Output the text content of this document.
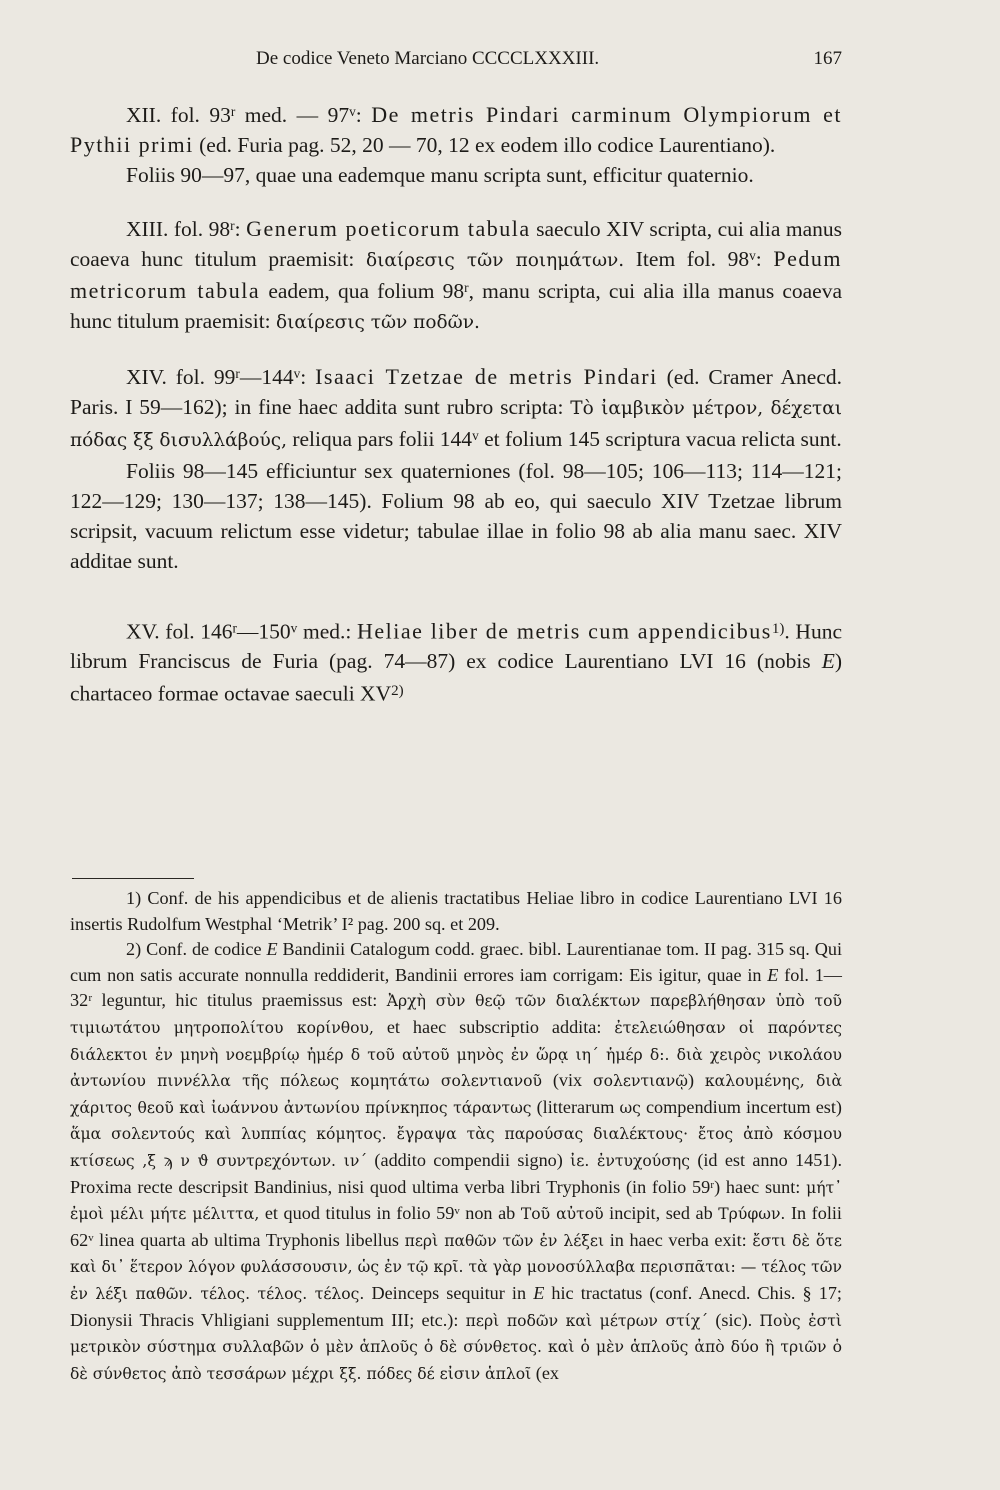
De codice Veneto Marciano CCCCLXXXIII.	167

XII. fol. 93$^r$ med. — 97$^v$: De metris Pindari carminum Olympiorum et Pythii primi (ed. Furia pag. 52, 20 — 70, 12 ex eodem illo codice Laurentiano).

Foliis 90—97, quae una eademque manu scripta sunt, efficitur quaternio.

XIII. fol. 98$^r$: Generum poeticorum tabula saeculo XIV scripta, cui alia manus coaeva hunc titulum praemisit: διαίρεσις τῶν ποιημάτων. Item fol. 98$^v$: Pedum metricorum tabula eadem, qua folium 98$^r$, manu scripta, cui alia illa manus coaeva hunc titulum praemisit: διαίρεσις τῶν ποδῶν.

XIV. fol. 99$^r$—144$^v$: Isaaci Tzetzae de metris Pindari (ed. Cramer Anecd. Paris. I 59—162); in fine haec addita sunt rubro scripta: Τὸ ἰαμβικὸν μέτρον, δέχεται πόδας ξξ δισυλλάβούς, reliqua pars folii 144$^v$ et folium 145 scriptura vacua relicta sunt.

Foliis 98—145 efficiuntur sex quaterniones (fol. 98—105; 106—113; 114—121; 122—129; 130—137; 138—145). Folium 98 ab eo, qui saeculo XIV Tzetzae librum scripsit, vacuum relictum esse videtur; tabulae illae in folio 98 ab alia manu saec. XIV additae sunt.

XV. fol. 146$^r$—150$^v$ med.: Heliae liber de metris cum appendicibus$^{1)}$. Hunc librum Franciscus de Furia (pag. 74—87) ex codice Laurentiano LVI 16 (nobis E) chartaceo formae octavae saeculi XV$^{2)}$

1) Conf. de his appendicibus et de alienis tractatibus Heliae libro in codice Laurentiano LVI 16 insertis Rudolfum Westphal ‘Metrik’ I² pag. 200 sq. et 209.

2) Conf. de codice E Bandinii Catalogum codd. graec. bibl. Laurentianae tom. II pag. 315 sq. Qui cum non satis accurate nonnulla reddiderit, Bandinii errores iam corrigam: Eis igitur, quae in E fol. 1—32ʳ leguntur, hic titulus praemissus est: Ἀρχὴ σὺν θεῷ τῶν διαλέκτων παρεβλήθησαν ὑπὸ τοῦ τιμιωτάτου μητροπολίτου κορίνθου, et haec subscriptio addita: ἐτελειώθησαν οἱ παρόντες διάλεκτοι ἐν μηνὴ νοεμβρίῳ ἡμέρ δ τοῦ αὐτοῦ μηνὸς ἐν ὥρᾳ ιη´ ἡμέρ δ:. διὰ χειρὸς νικολάου ἀντωνίου πιννέλλα τῆς πόλεως κομητάτω σολεντιανοῦ (vix σολεντιανῷ) καλουμένης, διὰ χάριτος θεοῦ καὶ ἰωάννου ἀντωνίου πρίνκηπος τάραντως (litterarum ως compendium incertum est) ἅμα σολεντούς καὶ λυππίας κόμητος. ἔγραψα τὰς παρούσας διαλέκτους· ἔτος ἀπὸ κόσμου κτίσεως ,ξ ϡ ν ϑ συντρεχόντων. ιν´ (addito compendii signo) ἰε. ἐντυχούσης (id est anno 1451). Proxima recte descripsit Bandinius, nisi quod ultima verba libri Tryphonis (in folio 59ʳ) haec sunt: μήτ᾽ ἐμοὶ μέλι μήτε μέλιττα, et quod titulus in folio 59ᵛ non ab Τοῦ αὐτοῦ incipit, sed ab Τρύφων. In folii 62ᵛ linea quarta ab ultima Tryphonis libellus περὶ παθῶν τῶν ἐν λέξει in haec verba exit: ἔστι δὲ ὅτε καὶ δι᾽ ἕτερον λόγον φυλάσσουσιν, ὡς ἐν τῷ κρῖ. τὰ γὰρ μονοσύλλαβα περισπᾶται: — τέλος τῶν ἐν λέξι παθῶν. τέλος. τέλος. τέλος. Deinceps sequitur in E hic tractatus (conf. Anecd. Chis. § 17; Dionysii Thracis Vhligiani supplementum III; etc.): περὶ ποδῶν καὶ μέτρων στίχ´ (sic). Ποὺς ἐστὶ μετρικὸν σύστημα συλλαβῶν ὁ μὲν ἁπλοῦς ὁ δὲ σύνθετος. καὶ ὁ μὲν ἁπλοῦς ἀπὸ δύο ἢ τριῶν ὁ δὲ σύνθετος ἀπὸ τεσσάρων μέχρι ξξ. πόδες δέ εἰσιν ἁπλοῖ (ex
